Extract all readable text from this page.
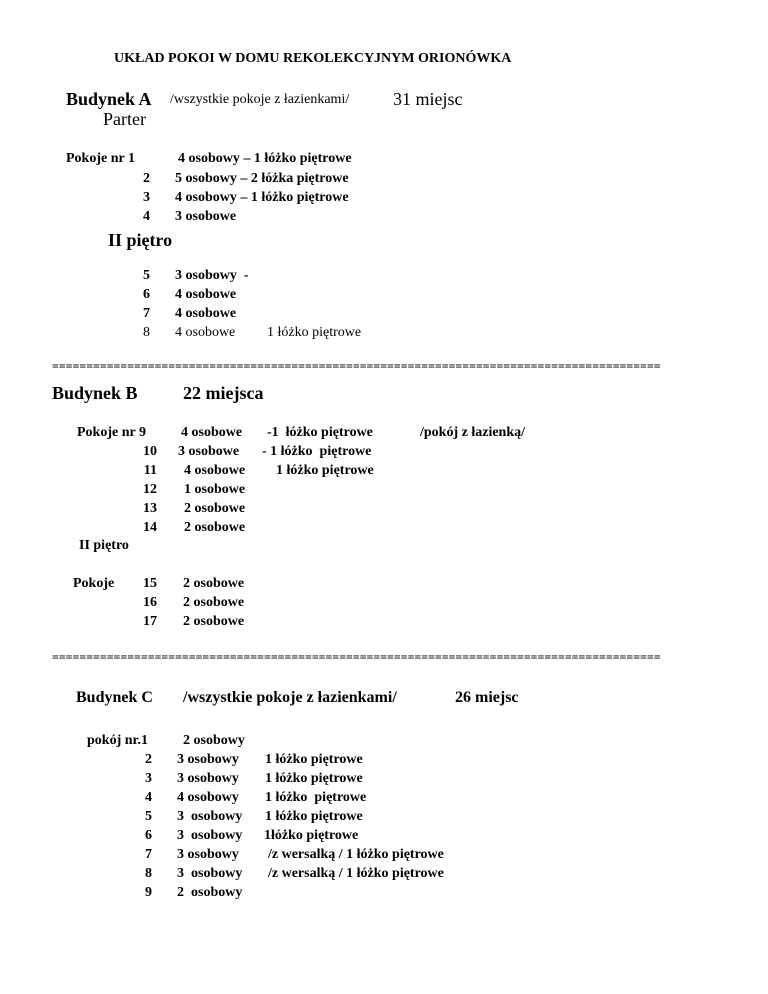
UKŁAD POKOI W DOMU REKOLEKCYJNYM ORIONÓWKA
Budynek A /wszystkie pokoje z łazienkami/ 31 miejsc
Parter
Pokoje nr 1	4 osobowy – 1 łóżko piętrowe
2 5 osobowy – 2 łóżka piętrowe
3 4 osobowy – 1 łóżko piętrowe
4 3 osobowe
II piętro
5 3 osobowy  -
6 4 osobowe
7 4 osobowe
8 4 osobowe 1 łóżko piętrowe
=========================================================================================
Budynek B	22 miejsca
Pokoje nr 9	4 osobowe -1  łóżko piętrowe	/pokój z łazienką/
10 3 osobowe - 1 łóżko  piętrowe
11 4 osobowe 1 łóżko piętrowe
12 1 osobowe
13 2 osobowe
14 2 osobowe
II piętro
Pokoje	15 2 osobowe
16 2 osobowe
17 2 osobowe
=========================================================================================
Budynek C /wszystkie pokoje z łazienkami/	26 miejsc
pokój nr.1	2 osobowy
2 3 osobowy 1 łóżko piętrowe
3 3 osobowy 1 łóżko piętrowe
4 4 osobowy 1 łóżko  piętrowe
5 3  osobowy 1 łóżko piętrowe
6 3  osobowy 1łóżko piętrowe
7 3 osobowy /z wersalką / 1 łóżko piętrowe
8 3  osobowy /z wersalką / 1 łóżko piętrowe
9 2  osobowy
